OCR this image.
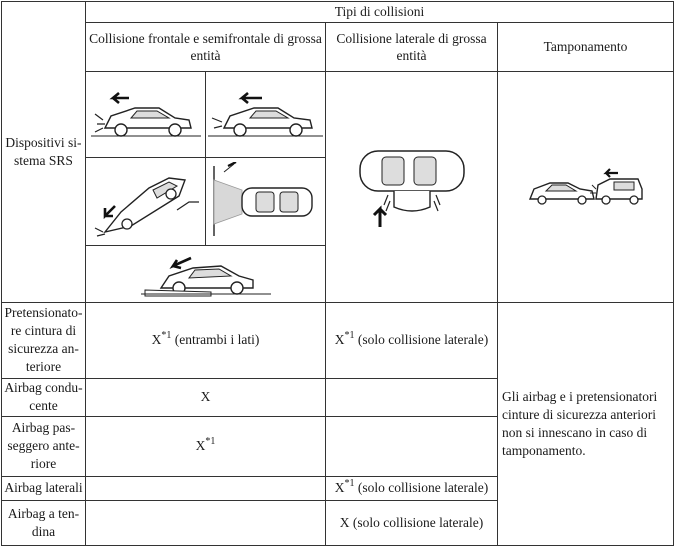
Dispositivi si-
stema SRS	Tipi di collisioni
Collisione frontale e semifrontale di grossa entità	Collisione laterale di grossa entità	Tamponamento

Pretensionato-
re cintura di
sicurezza an-
teriore	$X^{*1}$ (entrambi i lati)	$X^{*1}$ (solo collisione laterale)	Gli airbag e i pretensionatori
cinture di sicurezza anteriori
non si innescano in caso di
tamponamento.
Airbag condu-
cente	X	
Airbag pas-
seggero ante-
riore	$X^{*1}$	
Airbag laterali		$X^{*1}$ (solo collisione laterale)
Airbag a ten-
dina		X (solo collisione laterale)
